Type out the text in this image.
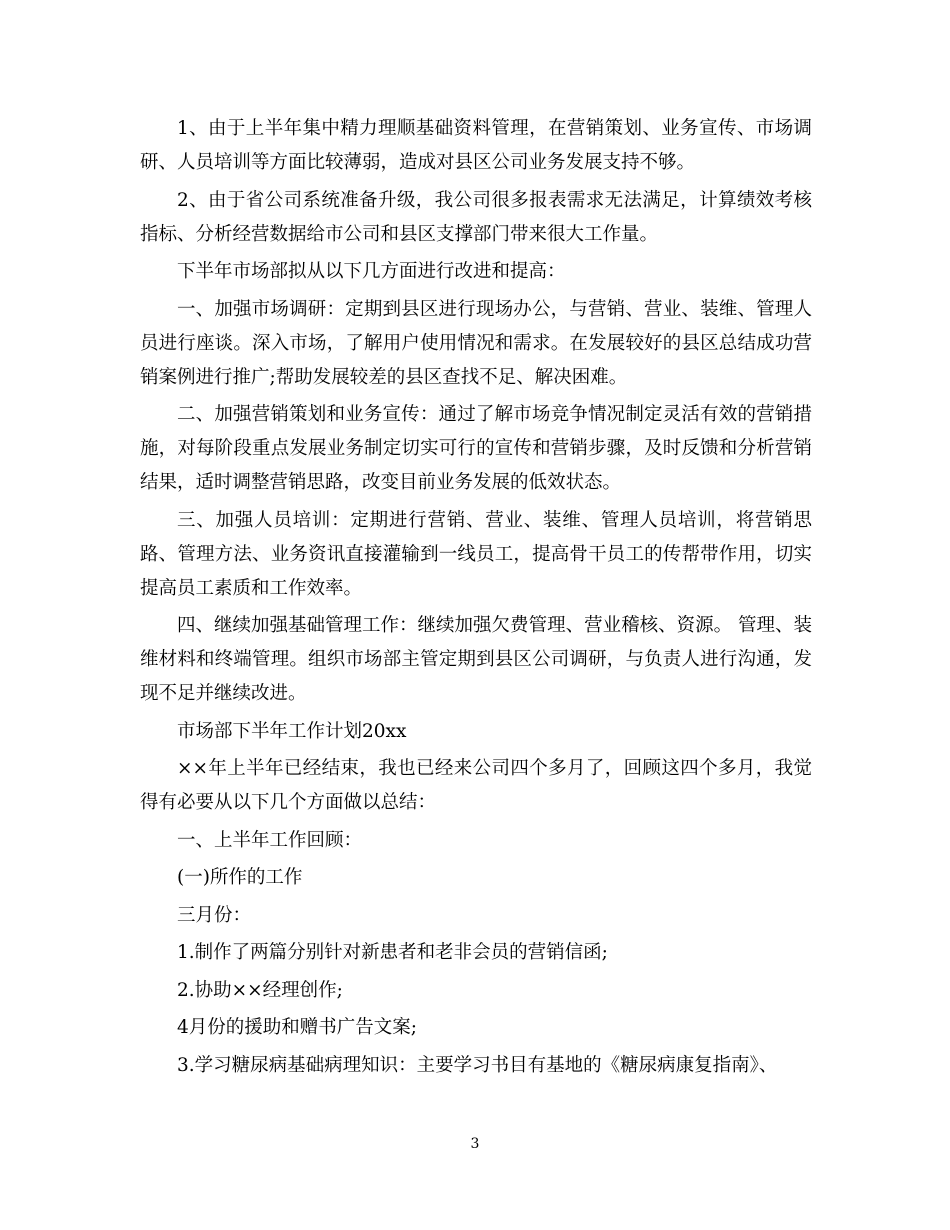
1、由于上半年集中精力理顺基础资料管理，在营销策划、业务宣传、市场调研、人员培训等方面比较薄弱，造成对县区公司业务发展支持不够。

2、由于省公司系统准备升级，我公司很多报表需求无法满足，计算绩效考核指标、分析经营数据给市公司和县区支撑部门带来很大工作量。

下半年市场部拟从以下几方面进行改进和提高：

一、加强市场调研：定期到县区进行现场办公，与营销、营业、装维、管理人员进行座谈。深入市场，了解用户使用情况和需求。在发展较好的县区总结成功营销案例进行推广;帮助发展较差的县区查找不足、解决困难。

二、加强营销策划和业务宣传：通过了解市场竞争情况制定灵活有效的营销措施，对每阶段重点发展业务制定切实可行的宣传和营销步骤，及时反馈和分析营销结果，适时调整营销思路，改变目前业务发展的低效状态。

三、加强人员培训：定期进行营销、营业、装维、管理人员培训，将营销思路、管理方法、业务资讯直接灌输到一线员工，提高骨干员工的传帮带作用，切实提高员工素质和工作效率。

四、继续加强基础管理工作：继续加强欠费管理、营业稽核、资源。 管理、装维材料和终端管理。组织市场部主管定期到县区公司调研，与负责人进行沟通，发现不足并继续改进。

市场部下半年工作计划20xx

××年上半年已经结束，我也已经来公司四个多月了，回顾这四个多月，我觉得有必要从以下几个方面做以总结：

一、上半年工作回顾：

(一)所作的工作

三月份：

1.制作了两篇分别针对新患者和老非会员的营销信函;

2.协助××经理创作;

4月份的援助和赠书广告文案;

3.学习糖尿病基础病理知识：主要学习书目有基地的《糖尿病康复指南》、

3
